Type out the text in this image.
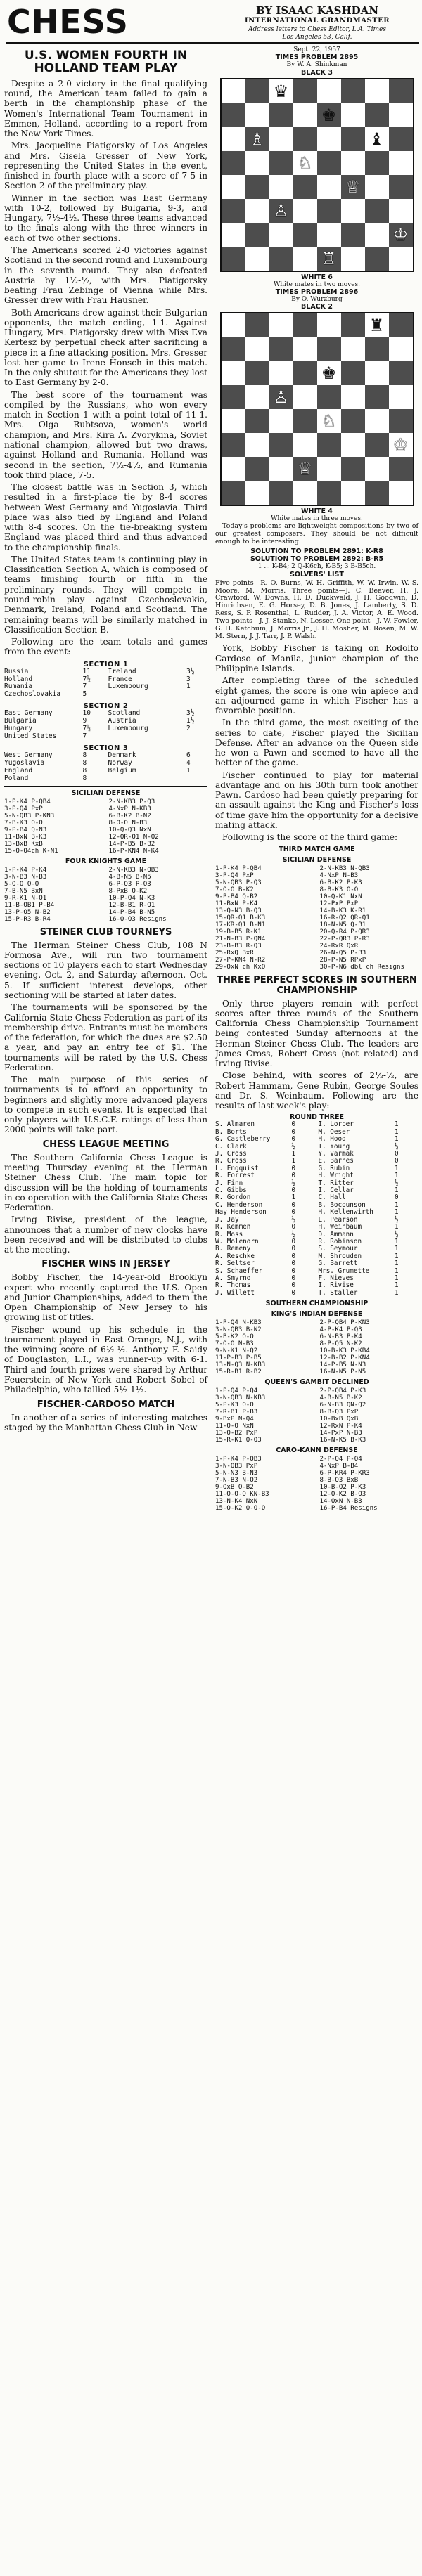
CHESS	BY ISAAC KASHDAN
INTERNATIONAL GRANDMASTER
Address letters to Chess Editor, L.A. Times
Los Angeles 53, Calif.
U.S. WOMEN FOURTH IN HOLLAND TEAM PLAY
Despite a 2-0 victory in the final qualifying round, the American team failed to gain a berth in the championship phase of the Women's International Team Tournament in Emmen, Holland, according to a report from the New York Times.
Mrs. Jacqueline Piatigorsky of Los Angeles and Mrs. Gisela Gresser of New York, representing the United States in the event, finished in fourth place with a score of 7-5 in Section 2 of the preliminary play.
Winner in the section was East Germany with 10-2, followed by Bulgaria, 9-3, and Hungary, 7½-4½. These three teams advanced to the finals along with the three winners in each of two other sections.
The Americans scored 2-0 victories against Scotland in the second round and Luxembourg in the seventh round. They also defeated Austria by 1½-½, with Mrs. Piatigorsky beating Frau Zebinge of Vienna while Mrs. Gresser drew with Frau Hausner.
Both Americans drew against their Bulgarian opponents, the match ending, 1-1. Against Hungary, Mrs. Piatigorsky drew with Miss Eva Kertesz by perpetual check after sacrificing a piece in a fine attacking position. Mrs. Gresser lost her game to Irene Honsch in this match. In the only shutout for the Americans they lost to East Germany by 2-0.
The best score of the tournament was compiled by the Russians, who won every match in Section 1 with a point total of 11-1. Mrs. Olga Rubtsova, women's world champion, and Mrs. Kira A. Zvorykina, Soviet national champion, allowed but two draws, against Holland and Rumania. Holland was second in the section, 7½-4½, and Rumania took third place, 7-5.
The closest battle was in Section 3, which resulted in a first-place tie by 8-4 scores between West Germany and Yugoslavia. Third place was also tied by England and Poland with 8-4 scores. On the tie-breaking system England was placed third and thus advanced to the championship finals.
The United States team is continuing play in Classification Section A, which is composed of teams finishing fourth or fifth in the preliminary rounds. They will compete in round-robin play against Czechoslovakia, Denmark, Ireland, Poland and Scotland. The remaining teams will be similarly matched in Classification Section B.
Following are the team totals and games from the event:
SECTION 1
Russia	11	Ireland	3½
Holland	7½	France	3
Rumania	7	Luxembourg	1
Czechoslovakia	5
SECTION 2
East Germany	10	Scotland	3½
Bulgaria	9	Austria	1½
Hungary	7½	Luxembourg	2
United States	7
SECTION 3
West Germany	8	Denmark	6
Yugoslavia	8	Norway	4
England	8	Belgium	1
Poland	8
SICILIAN DEFENSE
1-P-K4 P-QB4	2-N-KB3 P-Q3
3-P-Q4 PxP	4-NxP N-KB3
5-N-QB3 P-KN3	6-B-K2 B-N2
7-B-K3 O-O	8-O-O N-B3
9-P-B4 Q-N3	10-Q-Q3 NxN
11-BxN B-K3	12-QR-Q1 N-Q2
13-BxB KxB	14-P-B5 B-B2
15-Q-Q4ch K-N1	16-P-KN4 N-K4
FOUR KNIGHTS GAME
1-P-K4 P-K4	2-N-KB3 N-QB3
3-N-B3 N-B3	4-B-N5 B-N5
5-O-O O-O	6-P-Q3 P-Q3
7-B-N5 BxN	8-PxB Q-K2
9-R-K1 N-Q1	10-P-Q4 N-K3
11-B-QB1 P-B4	12-B-B1 R-Q1
13-P-Q5 N-B2	14-P-B4 B-N5
15-P-R3 B-R4	16-Q-Q3 Resigns
STEINER CLUB TOURNEYS
The Herman Steiner Chess Club, 108 N Formosa Ave., will run two tournament sections of 10 players each to start Wednesday evening, Oct. 2, and Saturday afternoon, Oct. 5. If sufficient interest develops, other sectioning will be started at later dates.
The tournaments will be sponsored by the California State Chess Federation as part of its membership drive. Entrants must be members of the federation, for which the dues are $2.50 a year, and pay an entry fee of $1. The tournaments will be rated by the U.S. Chess Federation.
The main purpose of this series of tournaments is to afford an opportunity to beginners and slightly more advanced players to compete in such events. It is expected that only players with U.S.C.F. ratings of less than 2000 points will take part.
CHESS LEAGUE MEETING
The Southern California Chess League is meeting Thursday evening at the Herman Steiner Chess Club. The main topic for discussion will be the holding of tournaments in co-operation with the California State Chess Federation.
Irving Rivise, president of the league, announces that a number of new clocks have been received and will be distributed to clubs at the meeting.
FISCHER WINS IN JERSEY
Bobby Fischer, the 14-year-old Brooklyn expert who recently captured the U.S. Open and Junior Championships, added to them the Open Championship of New Jersey to his growing list of titles.
Fischer wound up his schedule in the tournament played in East Orange, N.J., with the winning score of 6½-½. Anthony F. Saidy of Douglaston, L.I., was runner-up with 6-1. Third and fourth prizes were shared by Arthur Feuerstein of New York and Robert Sobel of Philadelphia, who tallied 5½-1½.
FISCHER-CARDOSO MATCH
In another of a series of interesting matches staged by the Manhattan Chess Club in New
Sept. 22, 1957
TIMES PROBLEM 2895
By W. A. Shinkman
BLACK 3
♛
♚
♝
♘
♕
♙
♔
♖
♗
WHITE 6
White mates in two moves.
TIMES PROBLEM 2896
By O. Wurzburg
BLACK 2
♜
♚
♙
♘
♔
♕
WHITE 4
White mates in three moves.
Today's problems are lightweight compositions by two of our greatest composers. They should be not difficult enough to be interesting.
SOLUTION TO PROBLEM 2891: K-R8
SOLUTION TO PROBLEM 2892: B-R5
1 ... K-B4; 2 Q-K6ch, K-B5; 3 B-B5ch.
SOLVERS' LIST
Five points—R. O. Burns, W. H. Griffith, W. W. Irwin, W. S. Moore, M. Morris. Three points—J. C. Beaver, H. J. Crawford, W. Downs, H. D. Duckwald, J. H. Goodwin, D. Hinrichsen, E. G. Horsey, D. B. Jones, J. Lamberty, S. D. Ress, S. P. Rosenthal, L. Rudder, J. A. Victor, A. E. Wood. Two points—J. J. Stanko, N. Lesser. One point—J. W. Fowler, G. H. Ketchum, J. Morris Jr., J. H. Mosher, M. Rosen, M. W. M. Stern, J. J. Tarr, J. P. Walsh.
York, Bobby Fischer is taking on Rodolfo Cardoso of Manila, junior champion of the Philippine Islands.
After completing three of the scheduled eight games, the score is one win apiece and an adjourned game in which Fischer has a favorable position.
In the third game, the most exciting of the series to date, Fischer played the Sicilian Defense. After an advance on the Queen side he won a Pawn and seemed to have all the better of the game.
Fischer continued to play for material advantage and on his 30th turn took another Pawn. Cardoso had been quietly preparing for an assault against the King and Fischer's loss of time gave him the opportunity for a decisive mating attack.
Following is the score of the third game:
THIRD MATCH GAME
SICILIAN DEFENSE
1-P-K4 P-QB4	2-N-KB3 N-QB3
3-P-Q4 PxP	4-NxP N-B3
5-N-QB3 P-Q3	6-B-K2 P-K3
7-O-O B-K2	8-B-K3 O-O
9-P-B4 Q-B2	10-Q-K1 NxN
11-BxN P-K4	12-PxP PxP
13-Q-N3 B-Q3	14-B-K3 K-R1
15-QR-Q1 B-K3	16-R-Q2 QR-Q1
17-KR-Q1 B-N1	18-N-N5 Q-B1
19-B-B5 R-K1	20-Q-R4 P-QR3
21-N-B3 P-QN4	22-P-QR3 P-R3
23-B-B3 R-Q3	24-RxR QxR
25-RxQ BxR	26-N-Q5 P-B3
27-P-KN4 N-R2	28-P-N5 RPxP
29-QxN ch KxQ	30-P-N6 dbl ch Resigns
THREE PERFECT SCORES IN SOUTHERN CHAMPIONSHIP
Only three players remain with perfect scores after three rounds of the Southern California Chess Championship Tournament being contested Sunday afternoons at the Herman Steiner Chess Club. The leaders are James Cross, Robert Cross (not related) and Irving Rivise.
Close behind, with scores of 2½-½, are Robert Hammam, Gene Rubin, George Soules and Dr. S. Weinbaum. Following are the results of last week's play:
ROUND THREE
S. Almaren	0	I. Lorber	1
B. Borts	0	M. Oeser	1
G. Castleberry	0	H. Hood	1
C. Clark	½	T. Young	½
J. Cross	1	Y. Varmak	0
R. Cross	1	E. Barnes	0
L. Engquist	0	G. Rubin	1
R. Forrest	0	H. Wright	1
J. Finn	½	T. Ritter	½
C. Gibbs	0	I. Cellar	1
R. Gordon	1	C. Hall	0
C. Henderson	0	B. Bocounson	1
Hay Henderson	0	H. Kellenwirth	1
J. Jay	½	L. Pearson	½
R. Kemmen	0	H. Weinbaum	1
R. Moss	½	D. Ammann	½
W. Molenorn	0	R. Robinson	1
B. Remeny	0	S. Seymour	1
A. Reschke	0	M. Shrouden	1
R. Seltser	0	G. Barrett	1
S. Schaeffer	0	Mrs. Grumette	1
A. Smyrno	0	F. Nieves	1
R. Thomas	0	I. Rivise	1
J. Willett	0	T. Staller	1
SOUTHERN CHAMPIONSHIP
KING'S INDIAN DEFENSE
1-P-Q4 N-KB3	2-P-QB4 P-KN3
3-N-QB3 B-N2	4-P-K4 P-Q3
5-B-K2 O-O	6-N-B3 P-K4
7-O-O N-B3	8-P-Q5 N-K2
9-N-K1 N-Q2	10-B-K3 P-KB4
11-P-B3 P-B5	12-B-B2 P-KN4
13-N-Q3 N-KB3	14-P-B5 N-N3
15-R-B1 R-B2	16-N-N5 P-N5
QUEEN'S GAMBIT DECLINED
1-P-Q4 P-Q4	2-P-QB4 P-K3
3-N-QB3 N-KB3	4-B-N5 B-K2
5-P-K3 O-O	6-N-B3 QN-Q2
7-R-B1 P-B3	8-B-Q3 PxP
9-BxP N-Q4	10-BxB QxB
11-O-O NxN	12-RxN P-K4
13-Q-B2 PxP	14-PxP N-B3
15-R-K1 Q-Q3	16-N-K5 B-K3
CARO-KANN DEFENSE
1-P-K4 P-QB3	2-P-Q4 P-Q4
3-N-QB3 PxP	4-NxP B-B4
5-N-N3 B-N3	6-P-KR4 P-KR3
7-N-B3 N-Q2	8-B-Q3 BxB
9-QxB Q-B2	10-B-Q2 P-K3
11-O-O-O KN-B3	12-Q-K2 B-Q3
13-N-K4 NxN	14-QxN N-B3
15-Q-K2 O-O-O	16-P-B4 Resigns
